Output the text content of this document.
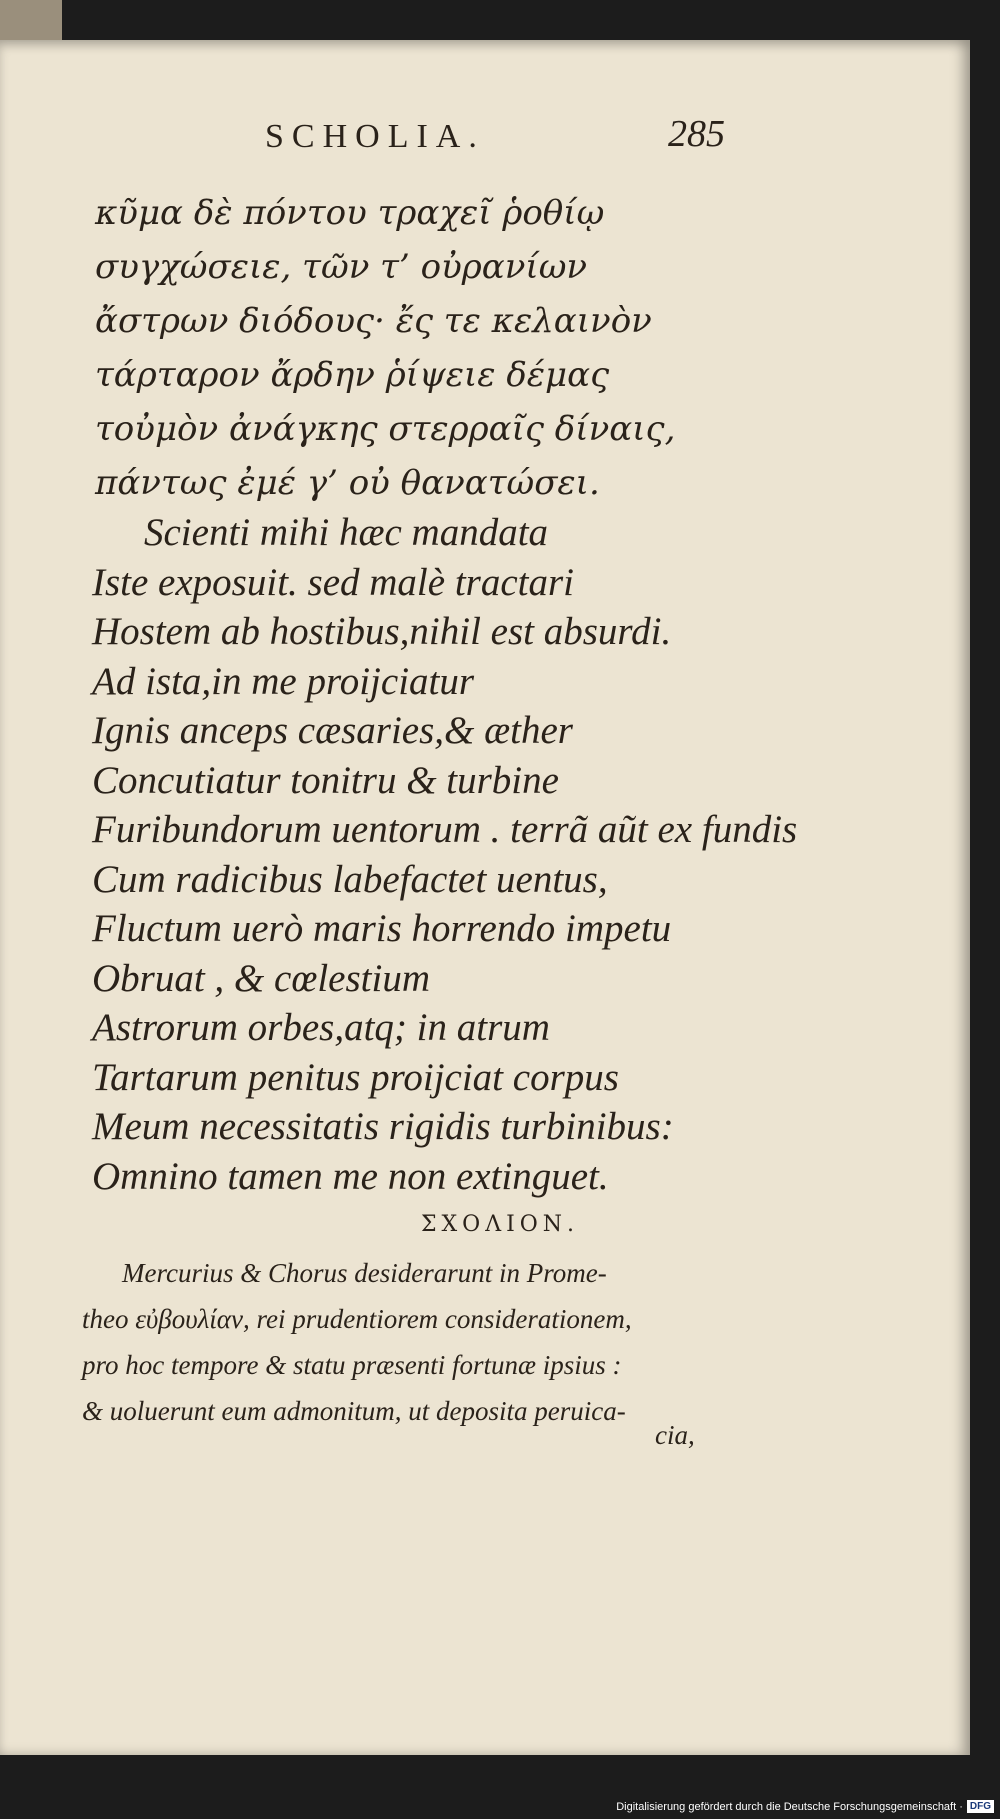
SCHOLIA.	285
κῦμα δὲ πόντου τραχεῖ ῥοθίῳ
συγχώσειε, τῶν τ’ οὐρανίων
ἄστρων διόδους· ἔς τε κελαινὸν
τάρταρον ἄρδην ῥίψειε δέμας
τοὐμὸν ἀνάγκης στερραῖς δίναις,
πάντως ἐμέ γ’ οὐ θανατώσει.
Scienti mihi hæc mandata
Iste exposuit. sed malè tractari
Hostem ab hostibus,nihil est absurdi.
Ad ista,in me proijciatur
Ignis anceps cæsaries,& æther
Concutiatur tonitru & turbine
Furibundorum uentorum . terrã aũt ex fundis
Cum radicibus labefactet uentus,
Fluctum uerò maris horrendo impetu
Obruat , & cœlestium
Astrorum orbes,atq; in atrum
Tartarum penitus proijciat corpus
Meum necessitatis rigidis turbinibus:
Omnino tamen me non extinguet.
ΣΧΟΛΙΟΝ.
Mercurius & Chorus desiderarunt in Prome-
theo εὐβουλίαν, rei prudentiorem considerationem,
pro hoc tempore & statu præsenti fortunæ ipsius :
& uoluerunt eum admonitum, ut deposita peruica-
cia,
Digitalisierung gefördert durch die Deutsche Forschungsgemeinschaft · DFG
